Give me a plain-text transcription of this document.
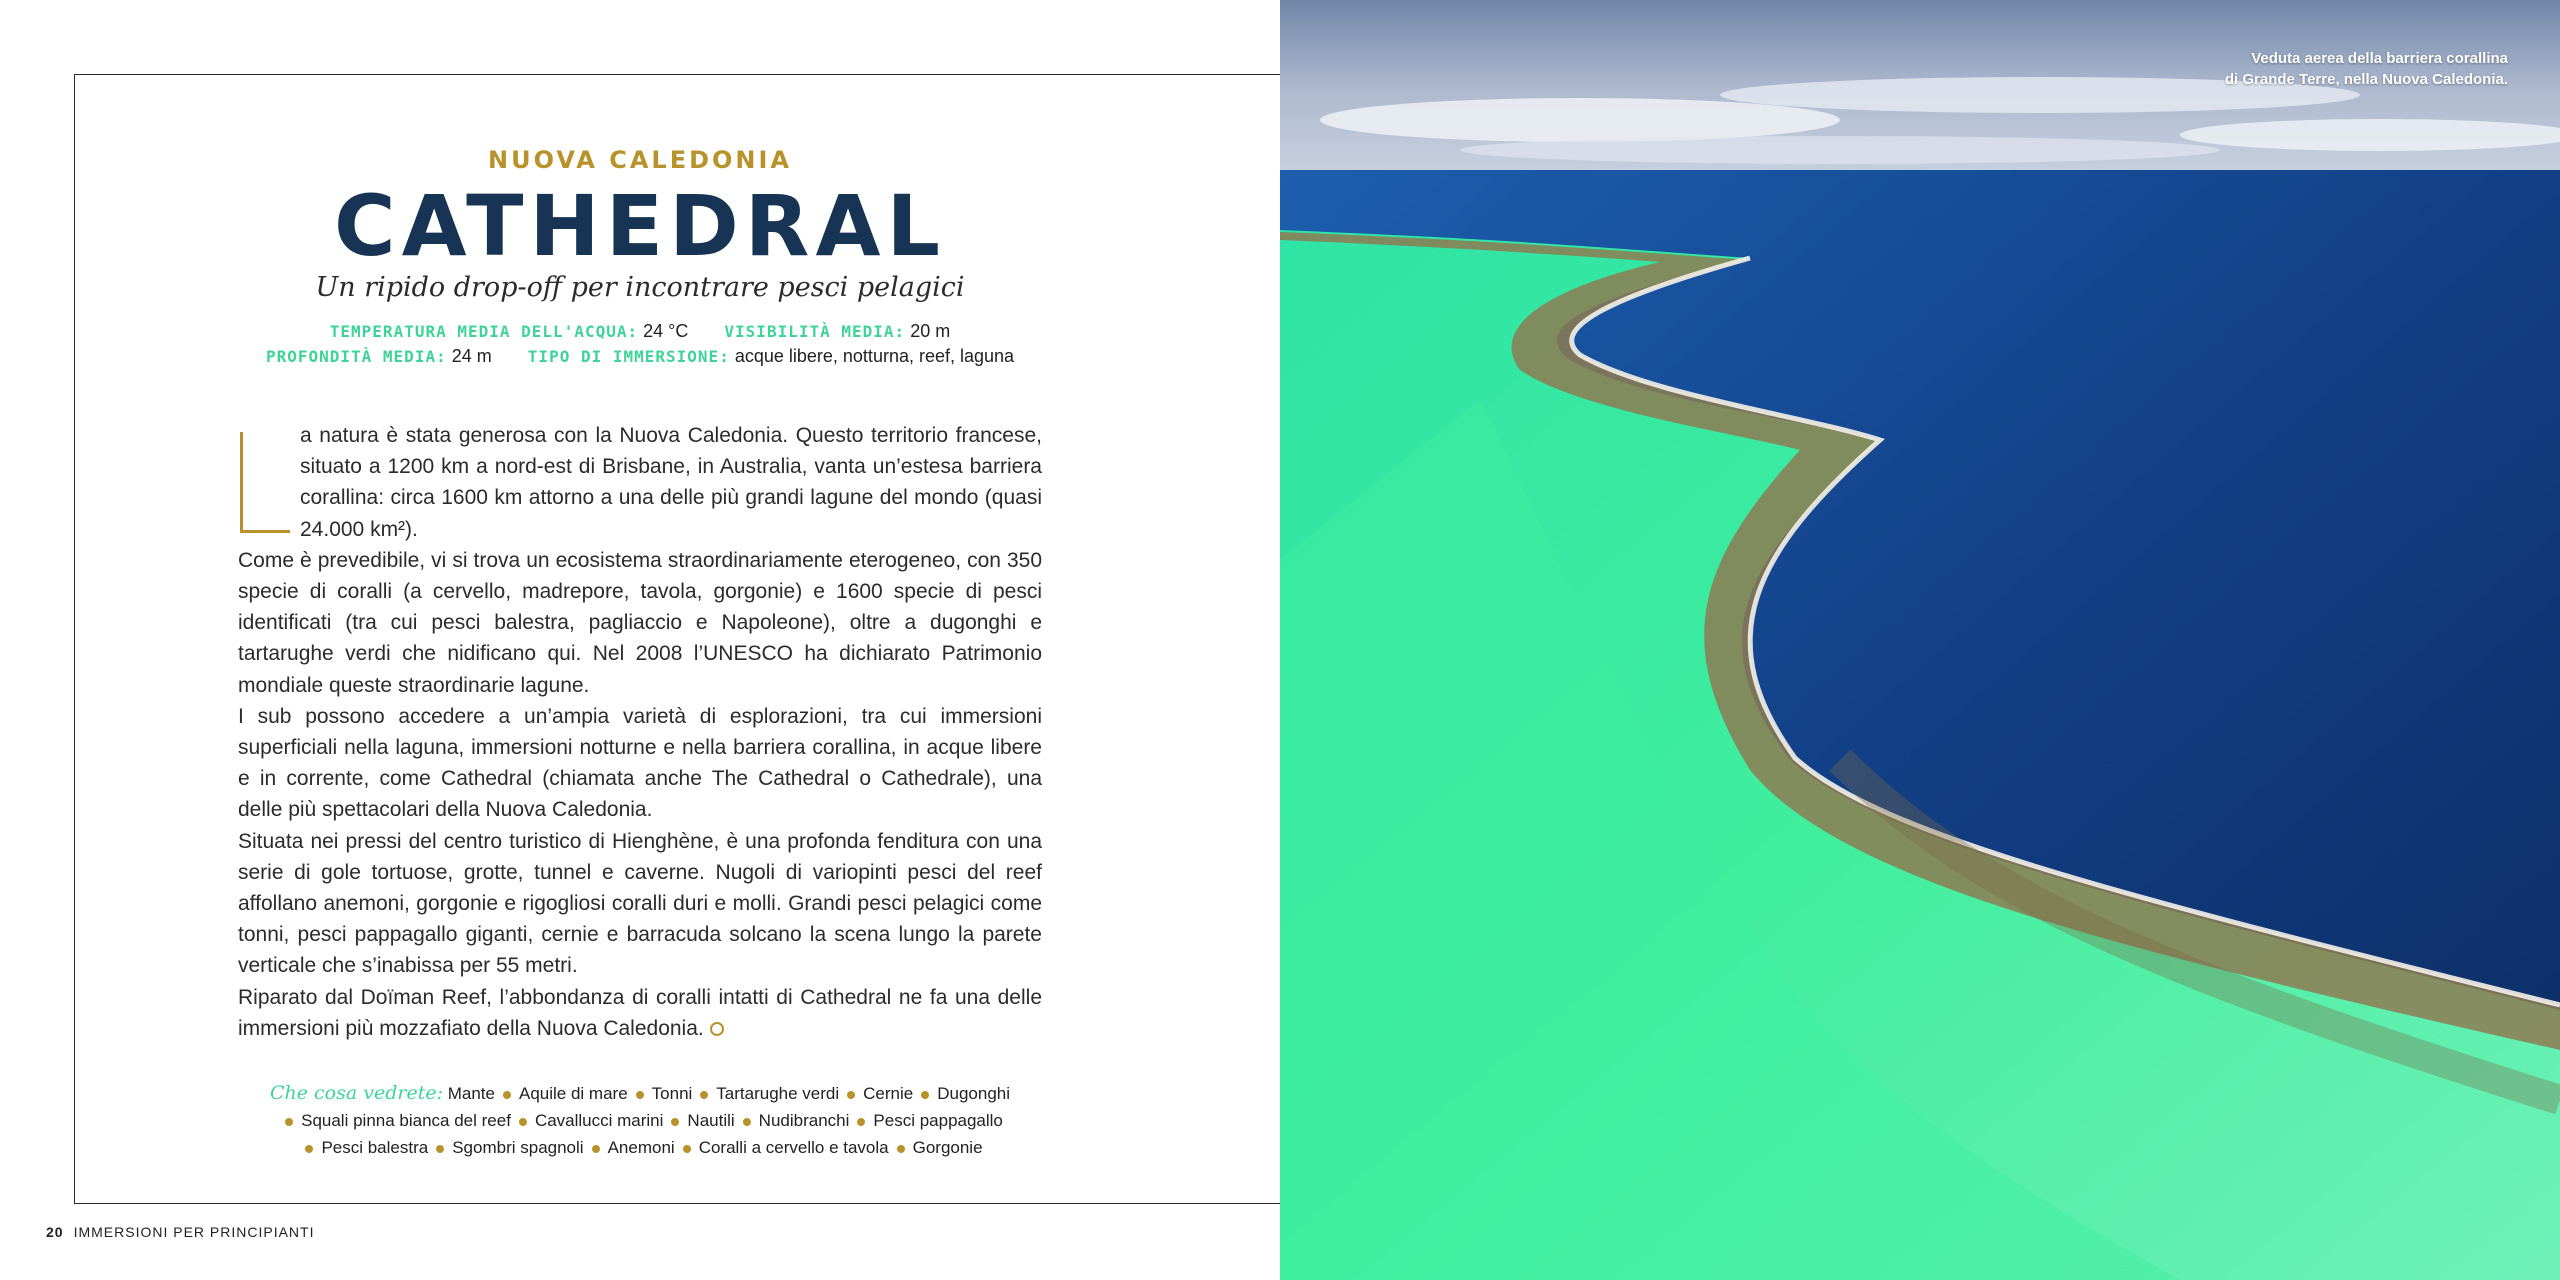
NUOVA CALEDONIA
CATHEDRAL
Un ripido drop-off per incontrare pesci pelagici
TEMPERATURA MEDIA DELL'ACQUA: 24 °C VISIBILITÀ MEDIA: 20 m
PROFONDITÀ MEDIA: 24 m TIPO DI IMMERSIONE: acque libere, notturna, reef, laguna

a natura è stata generosa con la Nuova Caledonia. Questo territorio francese, situato a 1200 km a nord-est di Brisbane, in Australia, vanta un’estesa barriera corallina: circa 1600 km attorno a una delle più grandi lagune del mondo (quasi 24.000 km²).

Come è prevedibile, vi si trova un ecosistema straordinariamente eterogeneo, con 350 specie di coralli (a cervello, madrepore, tavola, gorgonie) e 1600 specie di pesci identificati (tra cui pesci balestra, pagliaccio e Napoleone), oltre a dugonghi e tartarughe verdi che nidificano qui. Nel 2008 l’UNESCO ha dichiarato Patrimonio mondiale queste straordinarie lagune.

I sub possono accedere a un’ampia varietà di esplorazioni, tra cui immersioni superficiali nella laguna, immersioni notturne e nella barriera corallina, in acque libere e in corrente, come Cathedral (chiamata anche The Cathedral o Cathedrale), una delle più spettacolari della Nuova Caledonia.

Situata nei pressi del centro turistico di Hienghène, è una profonda fenditura con una serie di gole tortuose, grotte, tunnel e caverne. Nugoli di variopinti pesci del reef affollano anemoni, gorgonie e rigogliosi coralli duri e molli. Grandi pesci pelagici come tonni, pesci pappagallo giganti, cernie e barracuda solcano la scena lungo la parete verticale che s’inabissa per 55 metri.

Riparato dal Doïman Reef, l’abbondanza di coralli intatti di Cathedral ne fa una delle immersioni più mozzafiato della Nuova Caledonia.

Che cosa vedrete: Mante Aquile di mare Tonni Tartarughe verdi Cernie Dugonghi
Squali pinna bianca del reef Cavallucci marini Nautili Nudibranchi Pesci pappagallo
Pesci balestra Sgombri spagnoli Anemoni Coralli a cervello e tavola Gorgonie
20 IMMERSIONI PER PRINCIPIANTI
Veduta aerea della barriera corallina
di Grande Terre, nella Nuova Caledonia.
